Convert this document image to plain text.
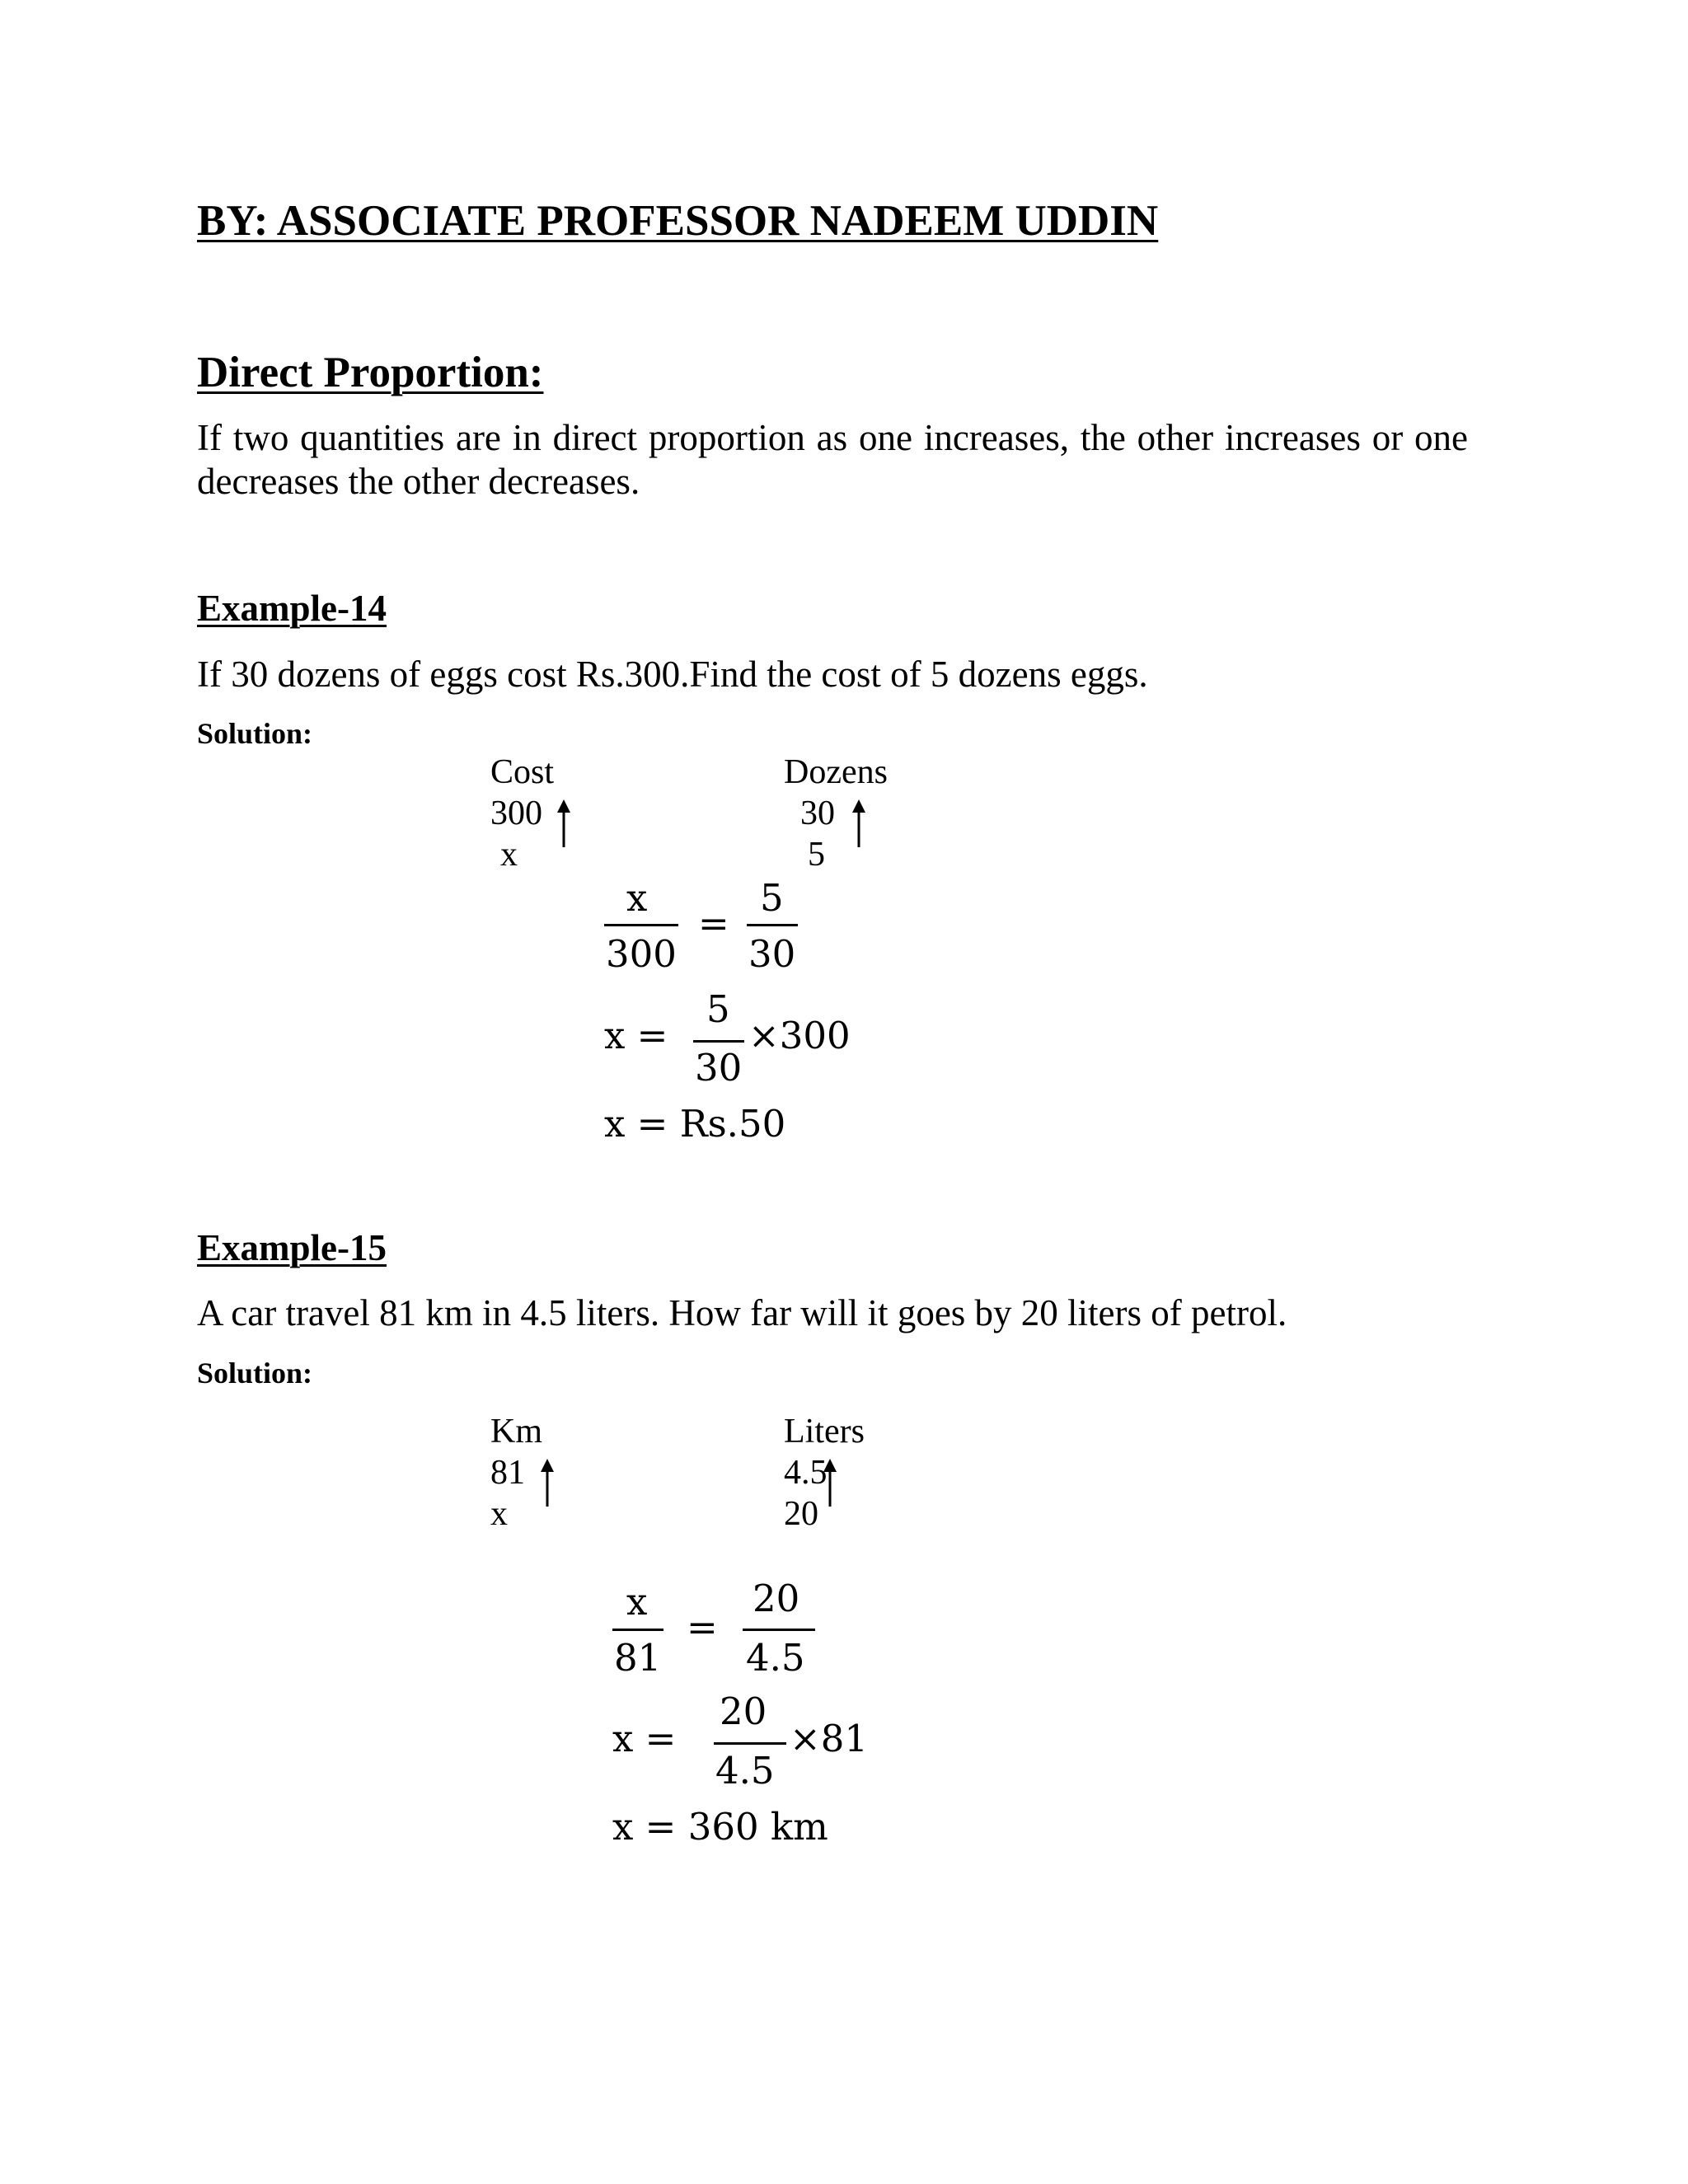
BY: ASSOCIATE PROFESSOR NADEEM UDDIN
Direct Proportion:
If two quantities are in direct proportion as one increases, the other increases or one decreases the other decreases.
Example-14
If 30 dozens of eggs cost Rs.300.Find the cost of 5 dozens eggs.
Solution:
Cost
300
x
Dozens
30
5
x
300
=
5
30
x =
5
30
×300
x = Rs.50
Example-15
A car travel 81 km in 4.5 liters. How far will it goes by 20 liters of petrol.
Solution:
Km
81
x
Liters
4.5
20
x
81
=
20
4.5
x =
20
4.5
×81
x = 360 km
